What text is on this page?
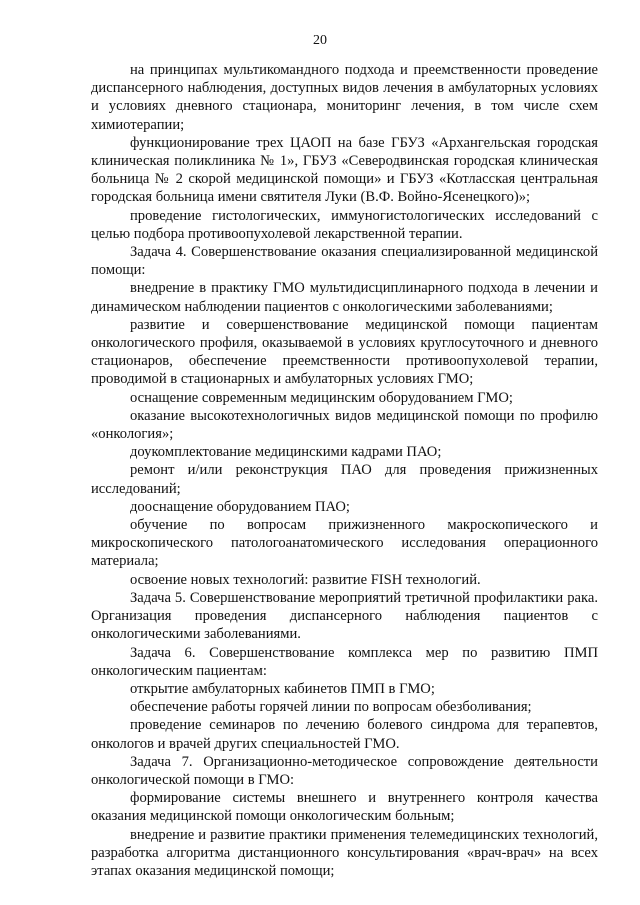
20

на принципах мультикомандного подхода и преемственности проведение диспансерного наблюдения, доступных видов лечения в амбулаторных условиях и условиях дневного стационара, мониторинг лечения, в том числе схем химиотерапии;

функционирование трех ЦАОП на базе ГБУЗ «Архангельская городская клиническая поликлиника № 1», ГБУЗ «Северодвинская городская клиническая больница № 2 скорой медицинской помощи» и ГБУЗ «Котласская центральная городская больница имени святителя Луки (В.Ф. Войно-Ясенецкого)»;

проведение гистологических, иммуногистологических исследований с целью подбора противоопухолевой лекарственной терапии.

Задача 4. Совершенствование оказания специализированной медицинской помощи:

внедрение в практику ГМО мультидисциплинарного подхода в лечении и динамическом наблюдении пациентов с онкологическими заболеваниями;

развитие и совершенствование медицинской помощи пациентам онкологического профиля, оказываемой в условиях круглосуточного и дневного стационаров, обеспечение преемственности противоопухолевой терапии, проводимой в стационарных и амбулаторных условиях ГМО;

оснащение современным медицинским оборудованием ГМО;

оказание высокотехнологичных видов медицинской помощи по профилю «онкология»;

доукомплектование медицинскими кадрами ПАО;

ремонт и/или реконструкция ПАО для проведения прижизненных исследований;

дооснащение оборудованием ПАО;

обучение по вопросам прижизненного макроскопического и микроскопического патологоанатомического исследования операционного материала;

освоение новых технологий: развитие FISH технологий.

Задача 5. Совершенствование мероприятий третичной профилактики рака. Организация проведения диспансерного наблюдения пациентов с онкологическими заболеваниями.

Задача 6. Совершенствование комплекса мер по развитию ПМП онкологическим пациентам:

открытие амбулаторных кабинетов ПМП в ГМО;

обеспечение работы горячей линии по вопросам обезболивания;

проведение семинаров по лечению болевого синдрома для терапевтов, онкологов и врачей других специальностей ГМО.

Задача 7. Организационно-методическое сопровождение деятельности онкологической помощи в ГМО:

формирование системы внешнего и внутреннего контроля качества оказания медицинской помощи онкологическим больным;

внедрение и развитие практики применения телемедицинских технологий, разработка алгоритма дистанционного консультирования «врач-врач» на всех этапах оказания медицинской помощи;
